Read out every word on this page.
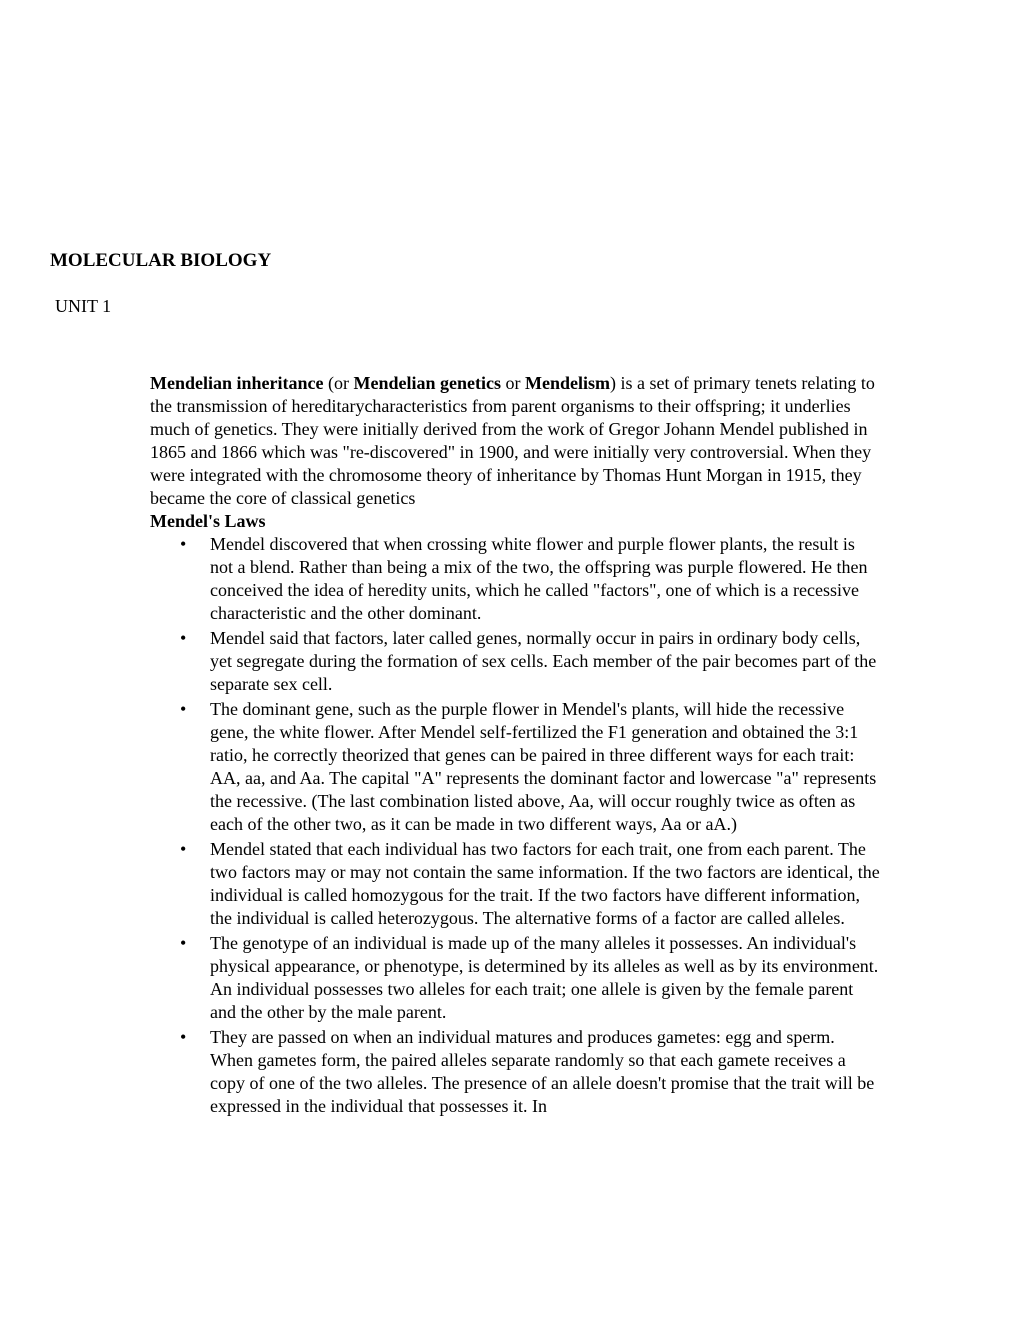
MOLECULAR BIOLOGY

UNIT 1

Mendelian inheritance (or Mendelian genetics or Mendelism) is a set of primary tenets relating to the transmission of hereditarycharacteristics from parent organisms to their offspring; it underlies much of genetics. They were initially derived from the work of Gregor Johann Mendel published in 1865 and 1866 which was "re-discovered" in 1900, and were initially very controversial. When they were integrated with the chromosome theory of inheritance by Thomas Hunt Morgan in 1915, they became the core of classical genetics

Mendel's Laws

• Mendel discovered that when crossing white flower and purple flower plants, the result is not a blend. Rather than being a mix of the two, the offspring was purple flowered. He then conceived the idea of heredity units, which he called "factors", one of which is a recessive characteristic and the other dominant.
• Mendel said that factors, later called genes, normally occur in pairs in ordinary body cells, yet segregate during the formation of sex cells. Each member of the pair becomes part of the separate sex cell.
• The dominant gene, such as the purple flower in Mendel's plants, will hide the recessive gene, the white flower. After Mendel self-fertilized the F1 generation and obtained the 3:1 ratio, he correctly theorized that genes can be paired in three different ways for each trait: AA, aa, and Aa. The capital "A" represents the dominant factor and lowercase "a" represents the recessive. (The last combination listed above, Aa, will occur roughly twice as often as each of the other two, as it can be made in two different ways, Aa or aA.)
• Mendel stated that each individual has two factors for each trait, one from each parent. The two factors may or may not contain the same information. If the two factors are identical, the individual is called homozygous for the trait. If the two factors have different information, the individual is called heterozygous. The alternative forms of a factor are called alleles.
• The genotype of an individual is made up of the many alleles it possesses. An individual's physical appearance, or phenotype, is determined by its alleles as well as by its environment. An individual possesses two alleles for each trait; one allele is given by the female parent and the other by the male parent.
• They are passed on when an individual matures and produces gametes: egg and sperm. When gametes form, the paired alleles separate randomly so that each gamete receives a copy of one of the two alleles. The presence of an allele doesn't promise that the trait will be expressed in the individual that possesses it. In
